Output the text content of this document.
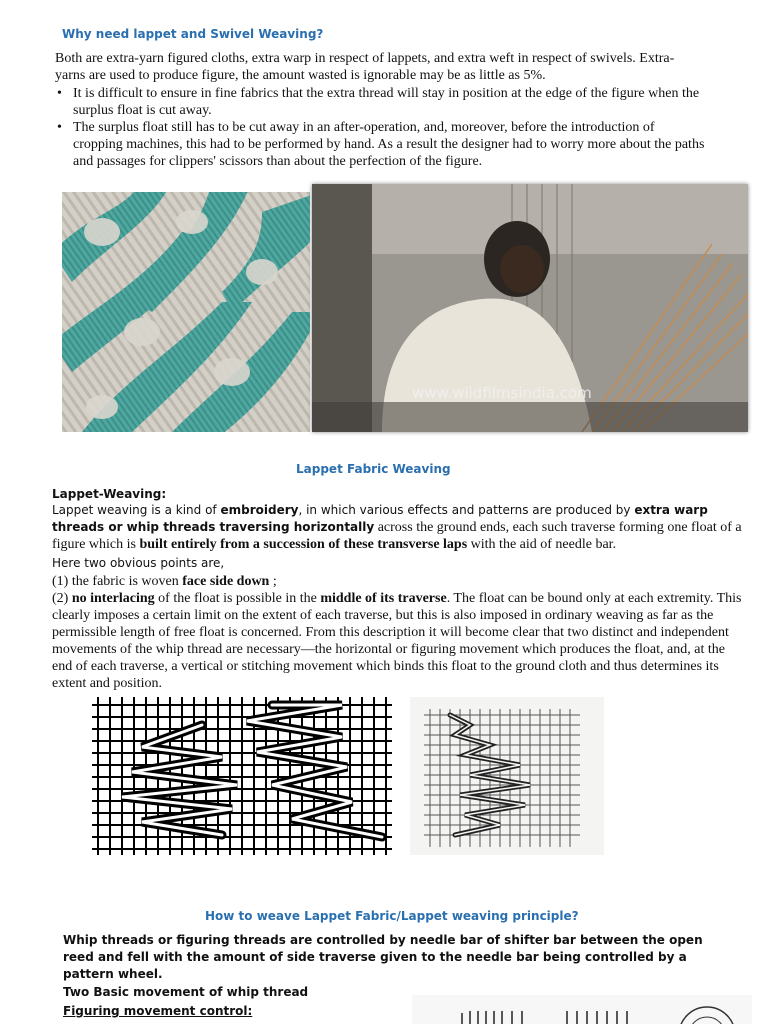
Why need lappet and Swivel Weaving?
Both are extra-yarn figured cloths, extra warp in respect of lappets, and extra weft in respect of swivels. Extra-yarns are used to produce figure, the amount wasted is ignorable may be as little as 5%.
• It is difficult to ensure in fine fabrics that the extra thread will stay in position at the edge of the figure when the surplus float is cut away.
• The surplus float still has to be cut away in an after-operation, and, moreover, before the introduction of cropping machines, this had to be performed by hand. As a result the designer had to worry more about the paths and passages for clippers' scissors than about the perfection of the figure.
www.wildfilmsindia.com
Lappet Fabric Weaving
Lappet-Weaving:
Lappet weaving is a kind of embroidery, in which various effects and patterns are produced by extra warp threads or whip threads traversing horizontally across the ground ends, each such traverse forming one float of a figure which is built entirely from a succession of these transverse laps with the aid of needle bar.
Here two obvious points are,
(1) the fabric is woven face side down ;
(2) no interlacing of the float is possible in the middle of its traverse. The float can be bound only at each extremity. This clearly imposes a certain limit on the extent of each traverse, but this is also imposed in ordinary weaving as far as the permissible length of free float is concerned. From this description it will become clear that two distinct and independent movements of the whip thread are necessary—the horizontal or figuring movement which produces the float, and, at the end of each traverse, a vertical or stitching movement which binds this float to the ground cloth and thus determines its extent and position.
How to weave Lappet Fabric/Lappet weaving principle?
Whip threads or figuring threads are controlled by needle bar of shifter bar between the open reed and fell with the amount of side traverse given to the needle bar being controlled by a pattern wheel.
Two Basic movement of whip thread
Figuring movement control:
